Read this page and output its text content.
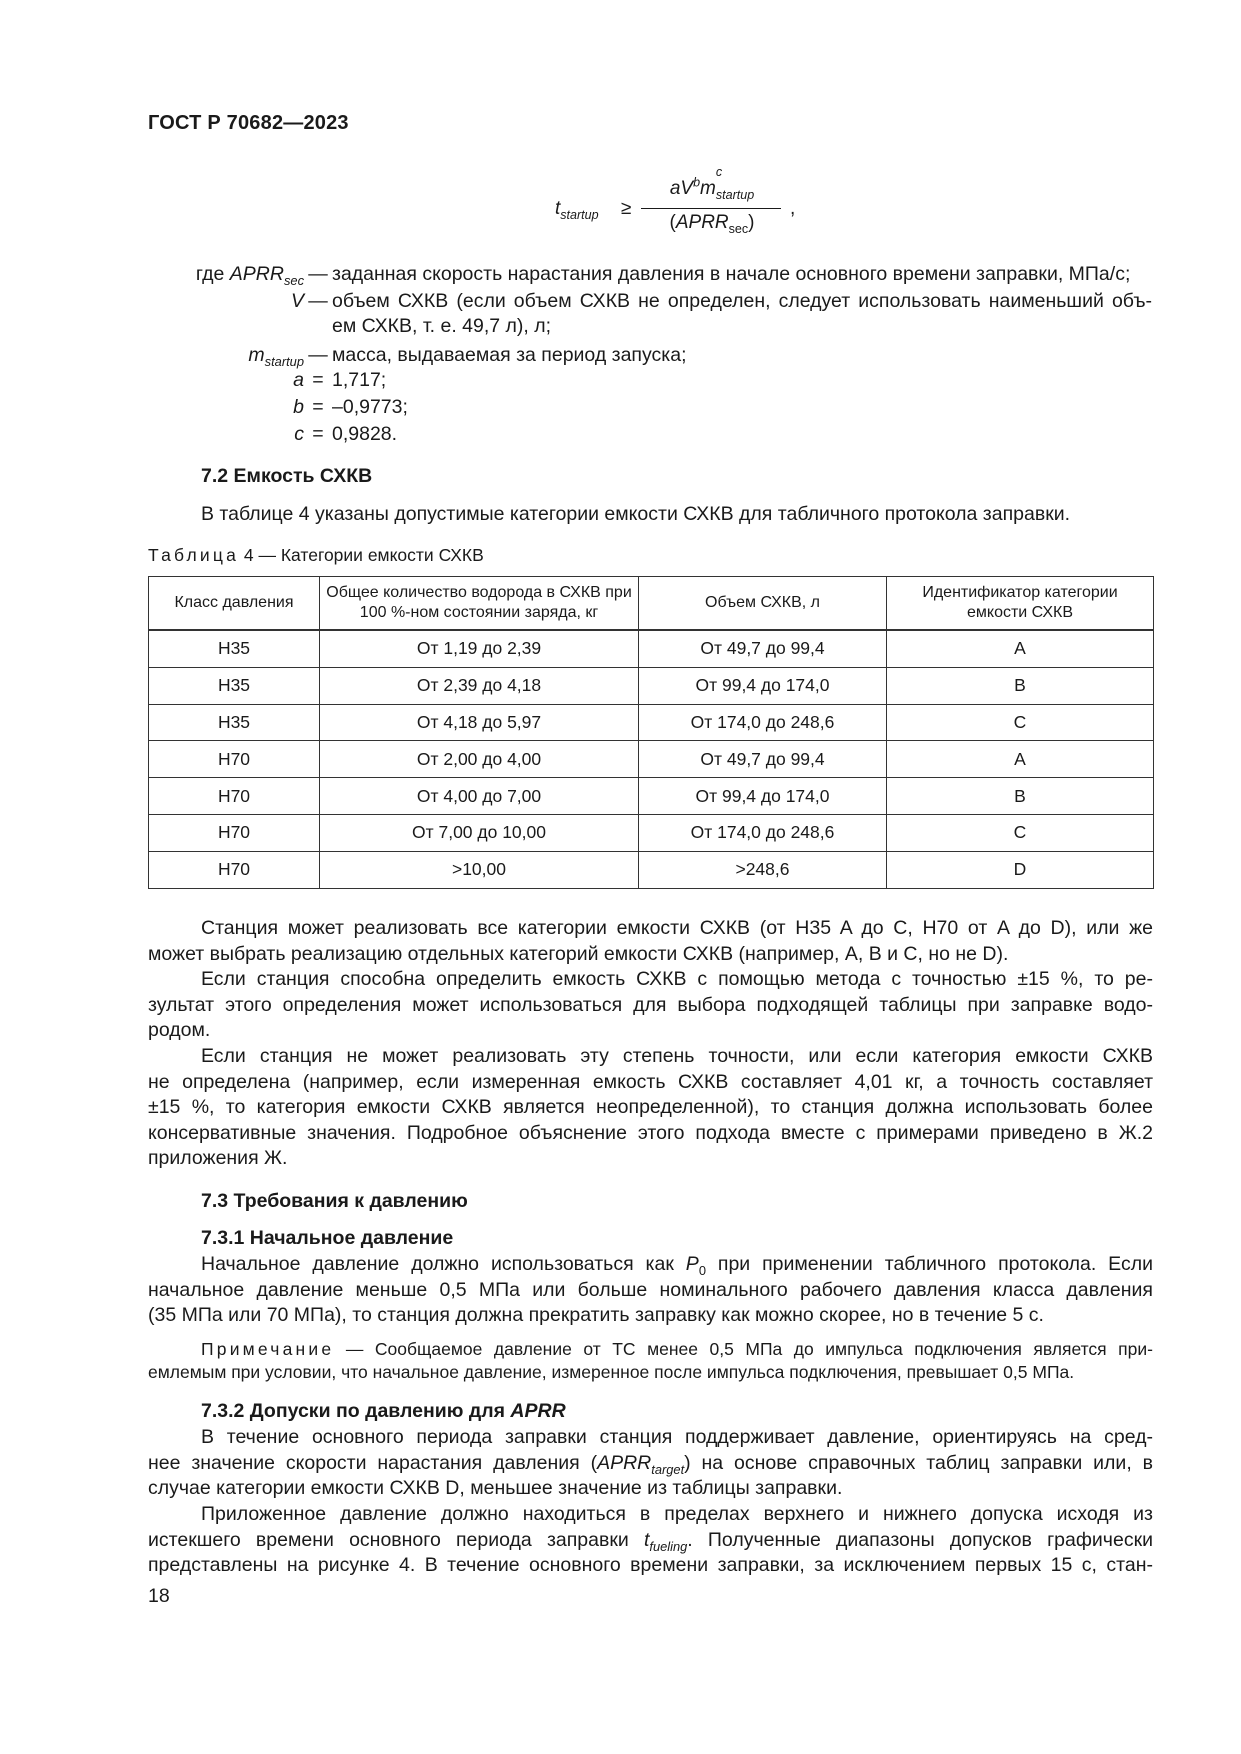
ГОСТ Р 70682—2023
$t_{startup}$ ≥
$aV^bm$
c
$_{startup}$
$(APRR_{sec})$
,
где $APRR_{sec}$ — заданная скорость нарастания давления в начале основного времени заправки, МПа/с;
V — объем СХКВ (если объем СХКВ не определен, следует использовать наименьший объ-
ем СХКВ, т. е. 49,7 л), л;
$m_{startup}$ — масса, выдаваемая за период запуска;
a = 1,717;
b = –0,9773;
c = 0,9828.
7.2 Емкость СХКВ
В таблице 4 указаны допустимые категории емкости СХКВ для табличного протокола заправки.
Таблица 4 — Категории емкости СХКВ
Класс давления	Общее количество водорода в СХКВ при 100 %-ном состоянии заряда, кг	Объем СХКВ, л	Идентификатор категории емкости СХКВ
H35	От 1,19 до 2,39	От 49,7 до 99,4	A
H35	От 2,39 до 4,18	От 99,4 до 174,0	B
H35	От 4,18 до 5,97	От 174,0 до 248,6	C
H70	От 2,00 до 4,00	От 49,7 до 99,4	A
H70	От 4,00 до 7,00	От 99,4 до 174,0	B
H70	От 7,00 до 10,00	От 174,0 до 248,6	C
H70	>10,00	>248,6	D
Станция может реализовать все категории емкости СХКВ (от H35 A до C, H70 от A до D), или же
может выбрать реализацию отдельных категорий емкости СХКВ (например, A, B и C, но не D).
Если станция способна определить емкость СХКВ с помощью метода с точностью ±15 %, то ре-
зультат этого определения может использоваться для выбора подходящей таблицы при заправке водо-
родом.
Если станция не может реализовать эту степень точности, или если категория емкости СХКВ
не определена (например, если измеренная емкость СХКВ составляет 4,01 кг, а точность составляет
±15 %, то категория емкости СХКВ является неопределенной), то станция должна использовать более
консервативные значения. Подробное объяснение этого подхода вместе с примерами приведено в Ж.2
приложения Ж.
7.3 Требования к давлению
7.3.1 Начальное давление
Начальное давление должно использоваться как $P_0$ при применении табличного протокола. Если
начальное давление меньше 0,5 МПа или больше номинального рабочего давления класса давления
(35 МПа или 70 МПа), то станция должна прекратить заправку как можно скорее, но в течение 5 с.
Примечание — Сообщаемое давление от ТС менее 0,5 МПа до импульса подключения является при-
емлемым при условии, что начальное давление, измеренное после импульса подключения, превышает 0,5 МПа.
7.3.2 Допуски по давлению для APRR
В течение основного периода заправки станция поддерживает давление, ориентируясь на сред-
нее значение скорости нарастания давления $(APRR_{target})$ на основе справочных таблиц заправки или, в
случае категории емкости СХКВ D, меньшее значение из таблицы заправки.
Приложенное давление должно находиться в пределах верхнего и нижнего допуска исходя из
истекшего времени основного периода заправки $t_{fueling}$. Полученные диапазоны допусков графически
представлены на рисунке 4. В течение основного времени заправки, за исключением первых 15 с, стан-
18
